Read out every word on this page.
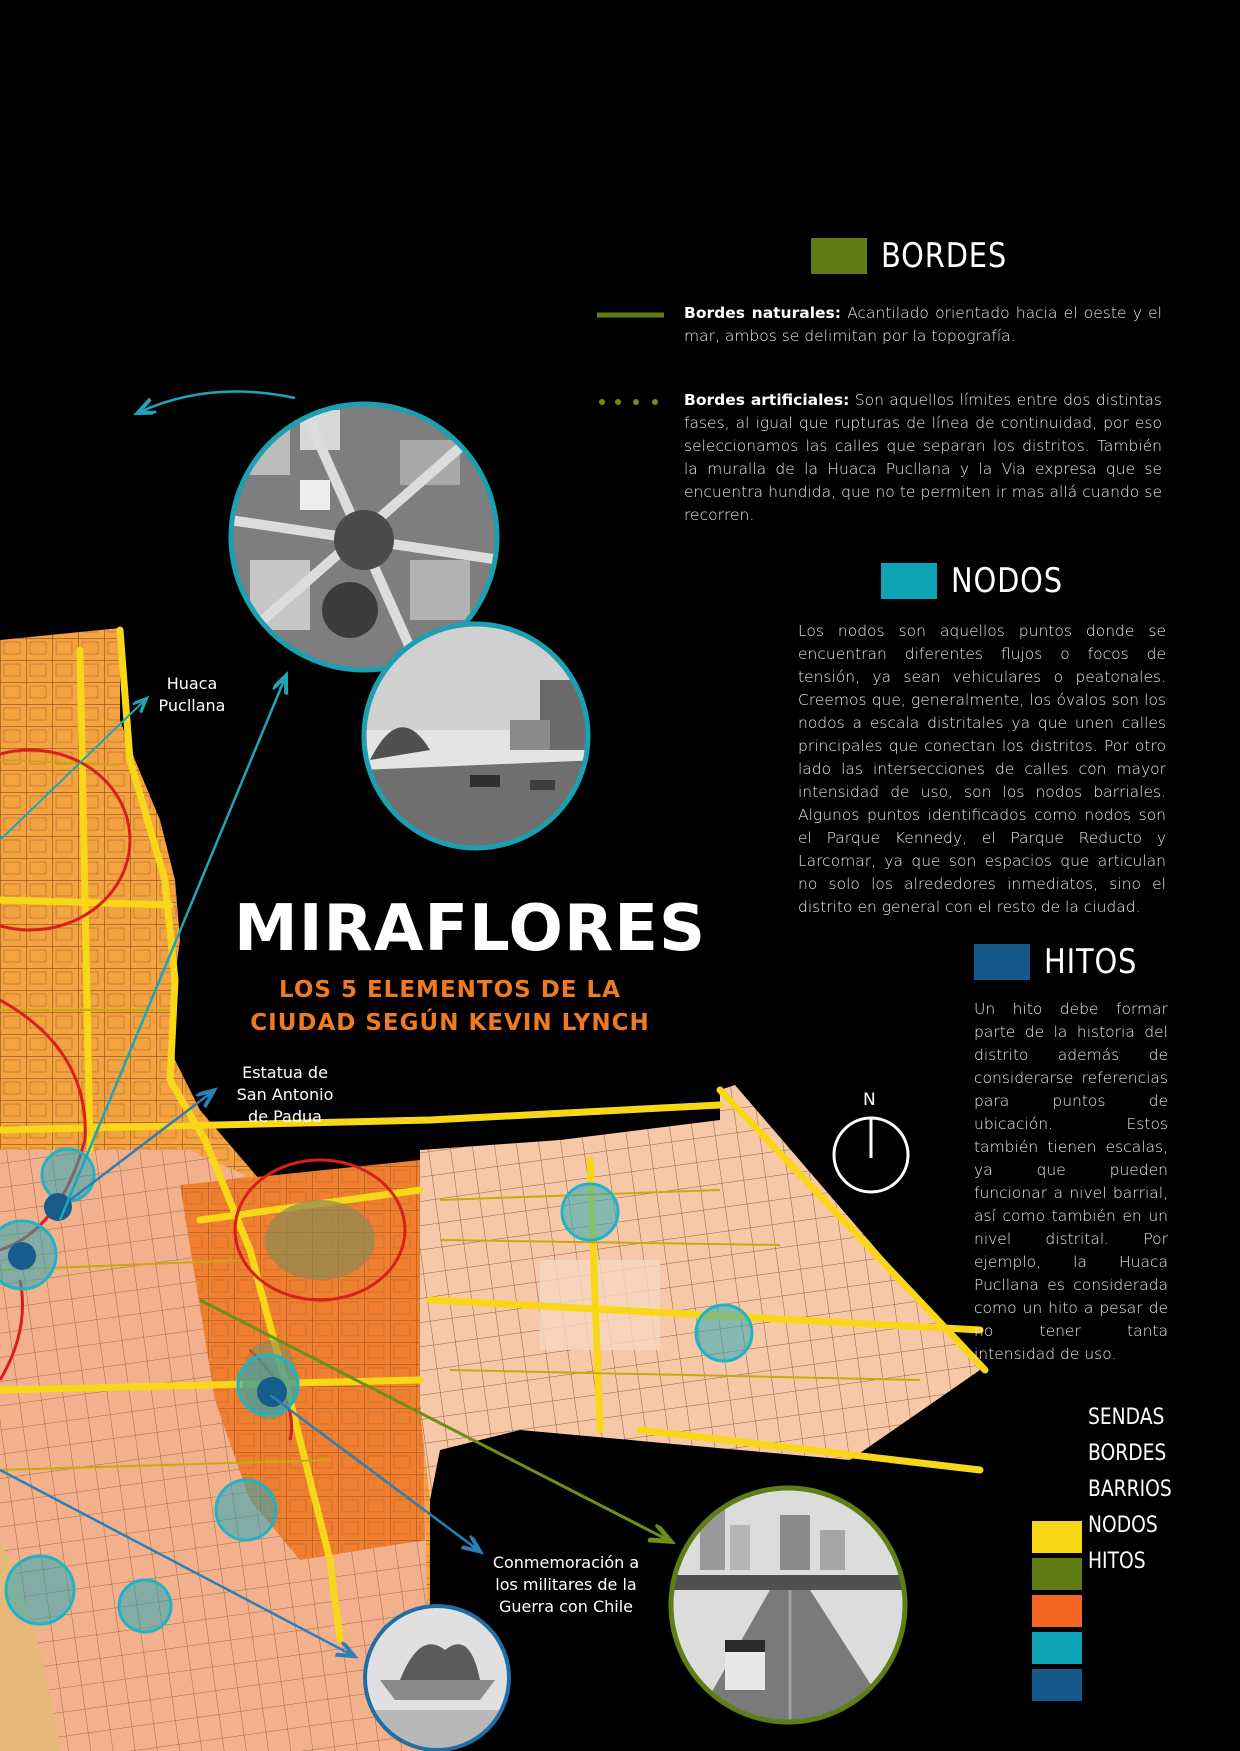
BORDES
Bordes naturales: Acantilado orientado hacia el oeste y el mar, ambos se delimitan por la topografía.
Bordes artificiales: Son aquellos límites entre dos distintas fases, al igual que rupturas de línea de continuidad, por eso seleccionamos las calles que separan los distritos. También la muralla de la Huaca Pucllana y la Via expresa que se encuentra hundida, que no te permiten ir mas allá cuando se recorren.
NODOS
Los nodos son aquellos puntos donde se encuentran diferentes flujos o focos de tensión, ya sean vehiculares o peatonales. Creemos que, generalmente, los óvalos son los nodos a escala distritales ya que unen calles principales que conectan los distritos. Por otro lado las intersecciones de calles con mayor intensidad de uso, son los nodos barriales. Algunos puntos identificados como nodos son el Parque Kennedy, el Parque Reducto y Larcomar, ya que son espacios que articulan no solo los alrededores inmediatos, sino el distrito en general con el resto de la ciudad.
HITOS
Un hito debe formar parte de la historia del distrito además de considerarse referencias para puntos de ubicación. Estos también tienen escalas, ya que pueden funcionar a nivel barrial, así como también en un nivel distrital. Por ejemplo, la Huaca Pucllana es considerada como un hito a pesar de no tener tanta intensidad de uso.
MIRAFLORES
LOS 5 ELEMENTOS DE LA
CIUDAD SEGÚN KEVIN LYNCH
Huaca
Pucllana
Estatua de
San Antonio
de Padua
Conmemoración a
los militares de la
Guerra con Chile
N
SENDAS
BORDES
BARRIOS
NODOS
HITOS
